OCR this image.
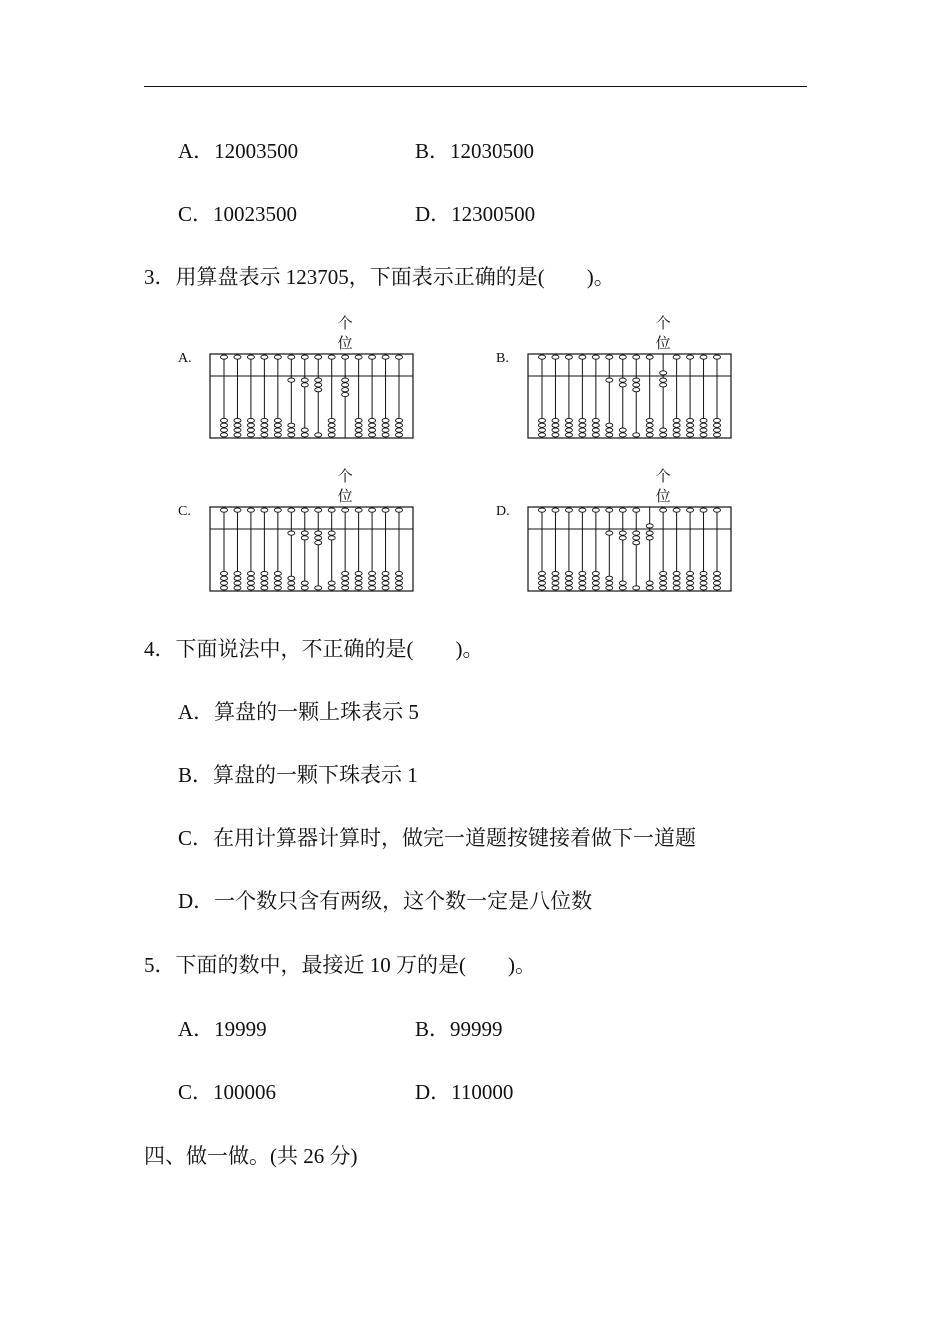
A．12003500	B．12030500
C．10023500	D．12300500
3．用算盘表示 123705，下面表示正确的是(　　)。
A.
个
位
B.
个
位
C.
个
位
D.
个
位
4．下面说法中，不正确的是(　　)。
A．算盘的一颗上珠表示 5
B．算盘的一颗下珠表示 1
C．在用计算器计算时，做完一道题按键接着做下一道题
D．一个数只含有两级，这个数一定是八位数
5．下面的数中，最接近 10 万的是(　　)。
A．19999	B．99999
C．100006	D．110000
四、做一做。(共 26 分)
